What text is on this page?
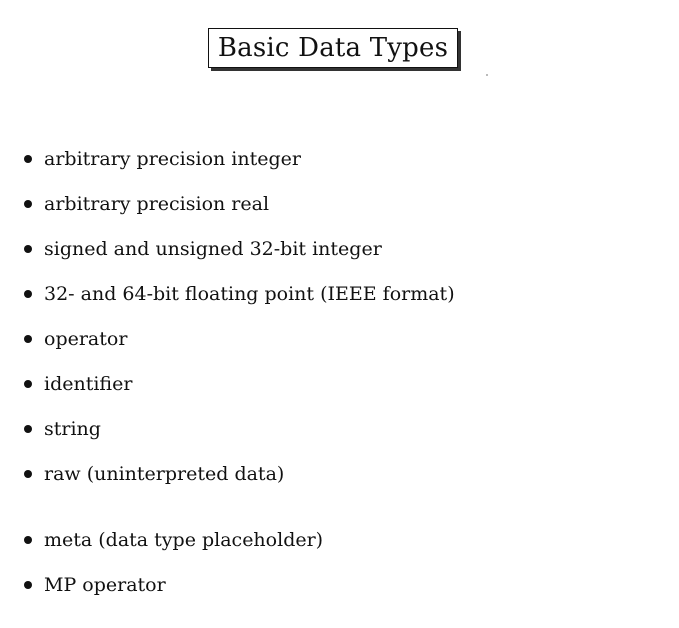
Basic Data Types
arbitrary precision integer
arbitrary precision real
signed and unsigned 32-bit integer
32- and 64-bit floating point (IEEE format)
operator
identifier
string
raw (uninterpreted data)
meta (data type placeholder)
MP operator
